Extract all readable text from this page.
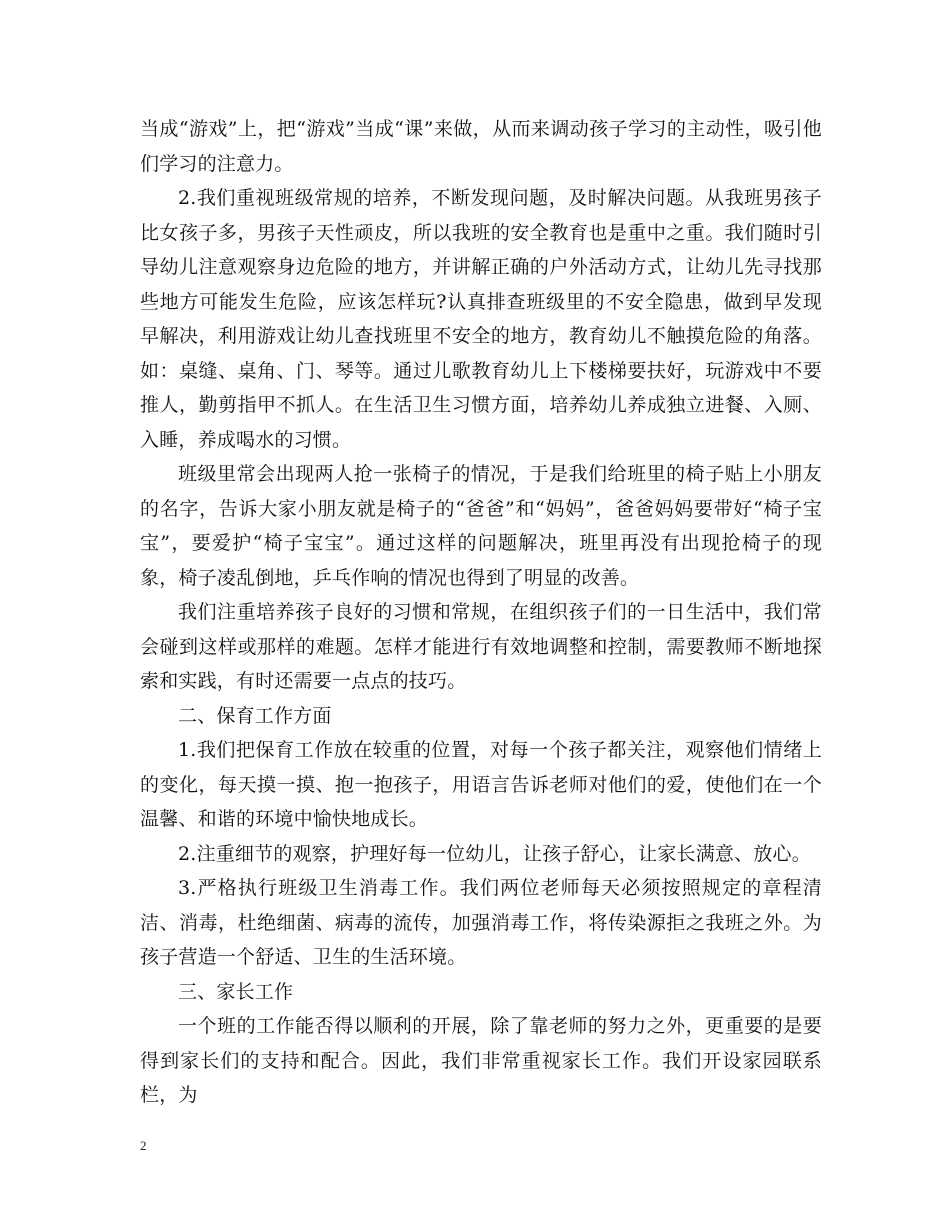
当成“游戏”上，把“游戏”当成“课”来做，从而来调动孩子学习的主动性，吸引他们学习的注意力。

2.我们重视班级常规的培养，不断发现问题，及时解决问题。从我班男孩子比女孩子多，男孩子天性顽皮，所以我班的安全教育也是重中之重。我们随时引导幼儿注意观察身边危险的地方，并讲解正确的户外活动方式，让幼儿先寻找那些地方可能发生危险，应该怎样玩?认真排查班级里的不安全隐患，做到早发现早解决，利用游戏让幼儿查找班里不安全的地方，教育幼儿不触摸危险的角落。如：桌缝、桌角、门、琴等。通过儿歌教育幼儿上下楼梯要扶好，玩游戏中不要推人，勤剪指甲不抓人。在生活卫生习惯方面，培养幼儿养成独立进餐、入厕、入睡，养成喝水的习惯。

班级里常会出现两人抢一张椅子的情况，于是我们给班里的椅子贴上小朋友的名字，告诉大家小朋友就是椅子的“爸爸”和“妈妈”，爸爸妈妈要带好“椅子宝宝”，要爱护“椅子宝宝”。通过这样的问题解决，班里再没有出现抢椅子的现象，椅子凌乱倒地，乒乓作响的情况也得到了明显的改善。

我们注重培养孩子良好的习惯和常规，在组织孩子们的一日生活中，我们常会碰到这样或那样的难题。怎样才能进行有效地调整和控制，需要教师不断地探索和实践，有时还需要一点点的技巧。

二、保育工作方面

1.我们把保育工作放在较重的位置，对每一个孩子都关注，观察他们情绪上的变化，每天摸一摸、抱一抱孩子，用语言告诉老师对他们的爱，使他们在一个温馨、和谐的环境中愉快地成长。

2.注重细节的观察，护理好每一位幼儿，让孩子舒心，让家长满意、放心。

3.严格执行班级卫生消毒工作。我们两位老师每天必须按照规定的章程清洁、消毒，杜绝细菌、病毒的流传，加强消毒工作，将传染源拒之我班之外。为孩子营造一个舒适、卫生的生活环境。

三、家长工作

一个班的工作能否得以顺利的开展，除了靠老师的努力之外，更重要的是要得到家长们的支持和配合。因此，我们非常重视家长工作。我们开设家园联系栏，为

2
